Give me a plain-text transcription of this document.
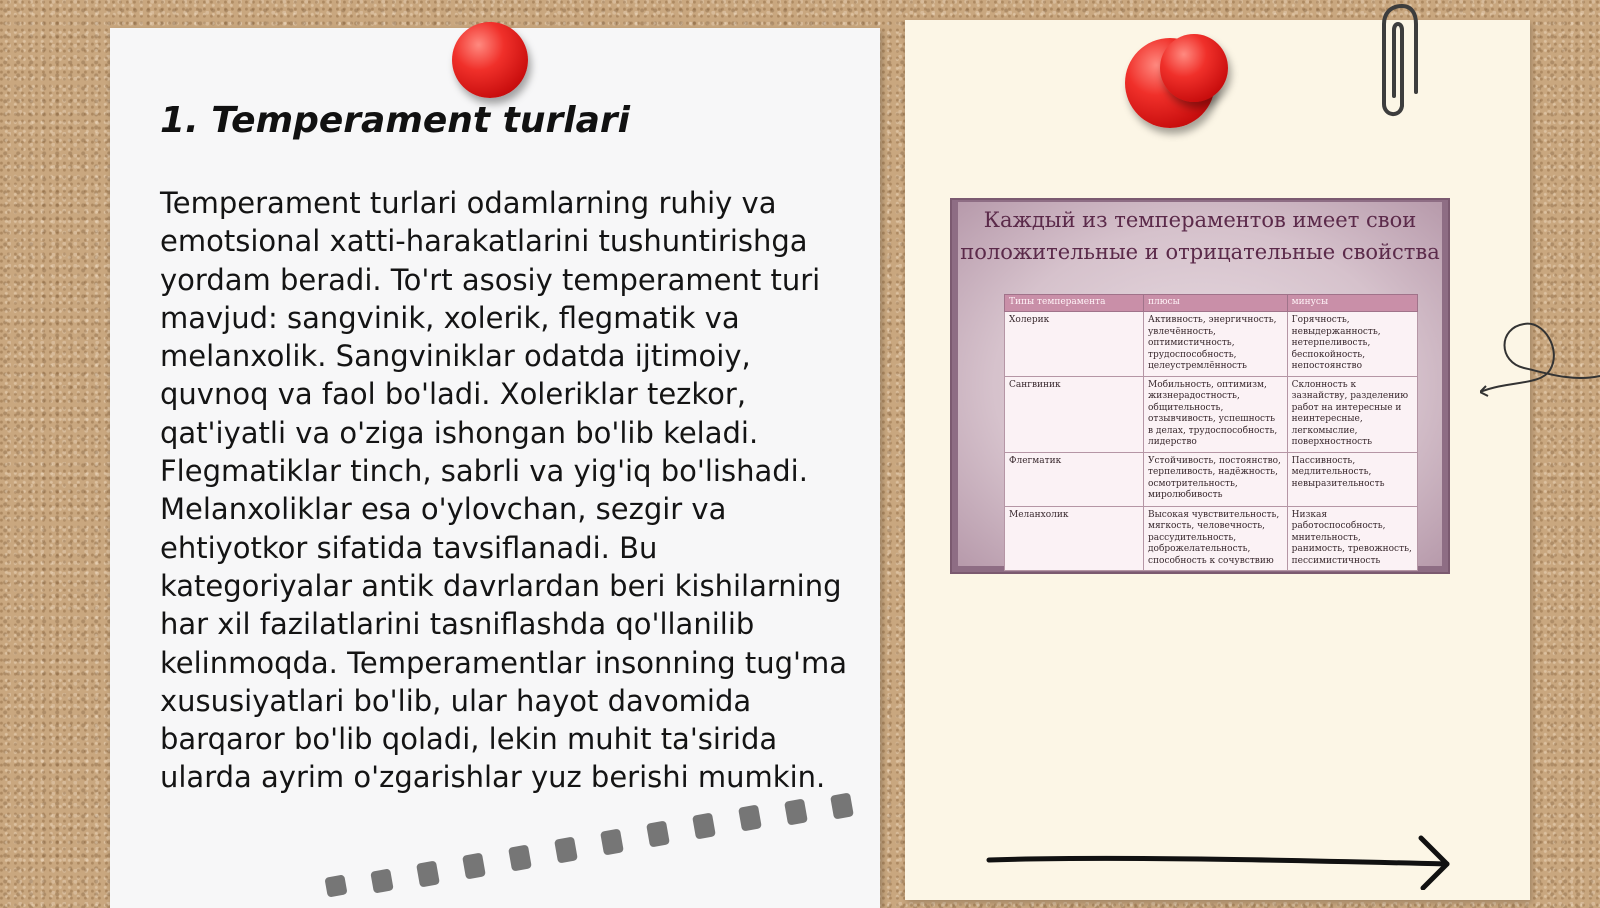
1. Temperament turlari

Temperament turlari odamlarning ruhiy va emotsional xatti-harakatlarini tushuntirishga yordam beradi. To'rt asosiy temperament turi mavjud: sangvinik, xolerik, flegmatik va melanxolik. Sangviniklar odatda ijtimoiy, quvnoq va faol bo'ladi. Xoleriklar tezkor, qat'iyatli va o'ziga ishongan bo'lib keladi. Flegmatiklar tinch, sabrli va yig'iq bo'lishadi. Melanxoliklar esa o'ylovchan, sezgir va ehtiyotkor sifatida tavsiflanadi. Bu kategoriyalar antik davrlardan beri kishilarning har xil fazilatlarini tasniflashda qo'llanilib kelinmoqda. Temperamentlar insonning tug'ma xususiyatlari bo'lib, ular hayot davomida barqaror bo'lib qoladi, lekin muhit ta'sirida ularda ayrim o'zgarishlar yuz berishi mumkin.

Каждый из темпераментов имеет свои положительные и отрицательные свойства

Типы темперамента	плюсы	минусы
Холерик	Активность, энергичность, увлечённость, оптимистичность, трудоспособность, целеустремлённость	Горячность, невыдержанность, нетерпеливость, беспокойность, непостоянство
Сангвиник	Мобильность, оптимизм, жизнерадостность, общительность, отзывчивость, успешность в делах, трудоспособность, лидерство	Склонность к зазнайству, разделению работ на интересные и неинтересные, легкомыслие, поверхностность
Флегматик	Устойчивость, постоянство, терпеливость, надёжность, осмотрительность, миролюбивость	Пассивность, медлительность, невыразительность
Меланхолик	Высокая чувствительность, мягкость, человечность, рассудительность, доброжелательность, способность к сочувствию	Низкая работоспособность, мнительность, ранимость, тревожность, пессимистичность
